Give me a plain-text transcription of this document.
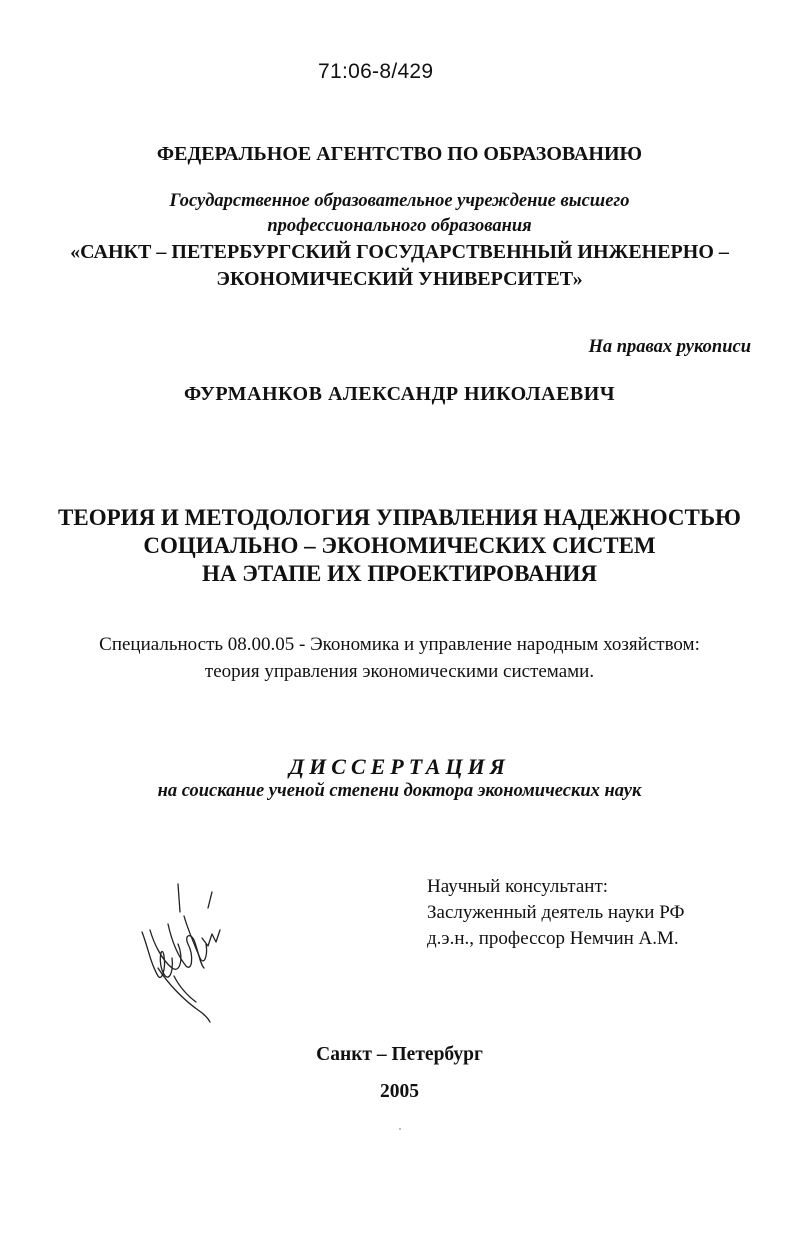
71:06-8/429
ФЕДЕРАЛЬНОЕ АГЕНТСТВО ПО ОБРАЗОВАНИЮ
Государственное образовательное учреждение высшего
профессионального образования
«САНКТ – ПЕТЕРБУРГСКИЙ ГОСУДАРСТВЕННЫЙ ИНЖЕНЕРНО –
ЭКОНОМИЧЕСКИЙ УНИВЕРСИТЕТ»
На правах рукописи
ФУРМАНКОВ АЛЕКСАНДР НИКОЛАЕВИЧ
ТЕОРИЯ И МЕТОДОЛОГИЯ УПРАВЛЕНИЯ НАДЕЖНОСТЬЮ
СОЦИАЛЬНО – ЭКОНОМИЧЕСКИХ СИСТЕМ
НА ЭТАПЕ ИХ ПРОЕКТИРОВАНИЯ
Специальность 08.00.05 - Экономика и управление народным хозяйством:
теория управления экономическими системами.
ДИССЕРТАЦИЯ
на соискание ученой степени доктора экономических наук
Научный консультант:
Заслуженный деятель науки РФ
д.э.н., профессор Немчин А.М.
Санкт – Петербург
2005
